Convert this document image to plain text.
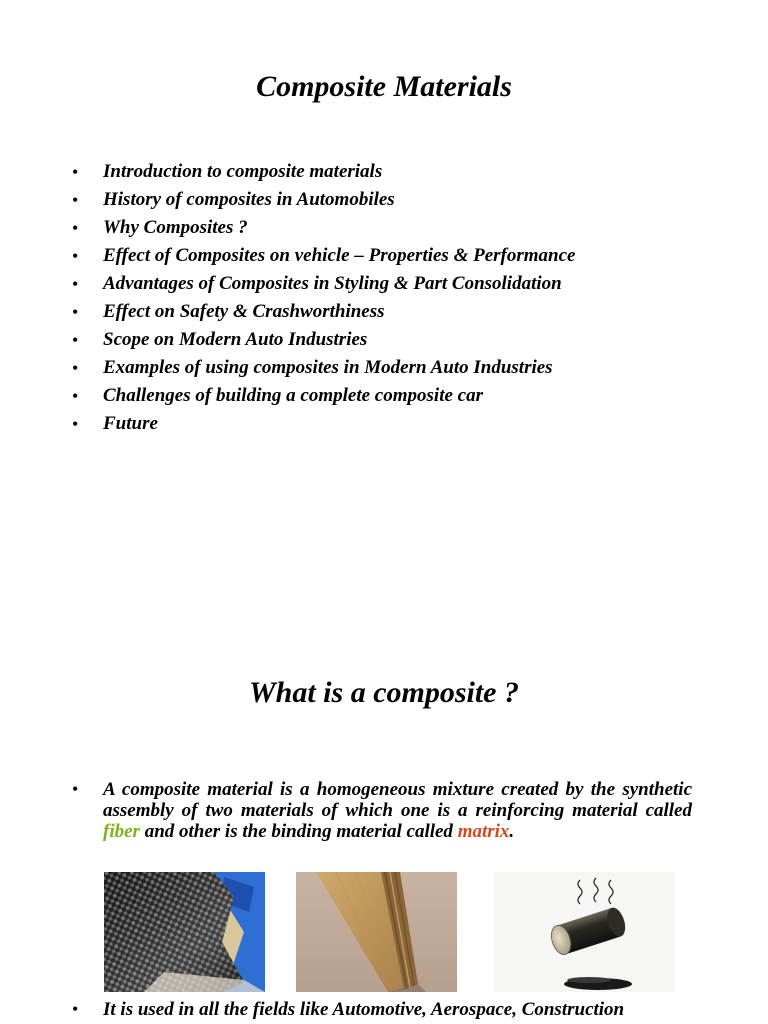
Composite Materials
• Introduction to composite materials
• History of composites in Automobiles
• Why Composites ?
• Effect of Composites on vehicle – Properties & Performance
• Advantages of Composites in Styling & Part Consolidation
• Effect on Safety & Crashworthiness
• Scope on Modern Auto Industries
• Examples of using composites in Modern Auto Industries
• Challenges of building a complete composite car
• Future
What is a composite ?
• A composite material is a homogeneous mixture created by the synthetic assembly of two materials of which one is a reinforcing material called fiber and other is the binding material called matrix.
• It is used in all the fields like Automotive, Aerospace, Construction
